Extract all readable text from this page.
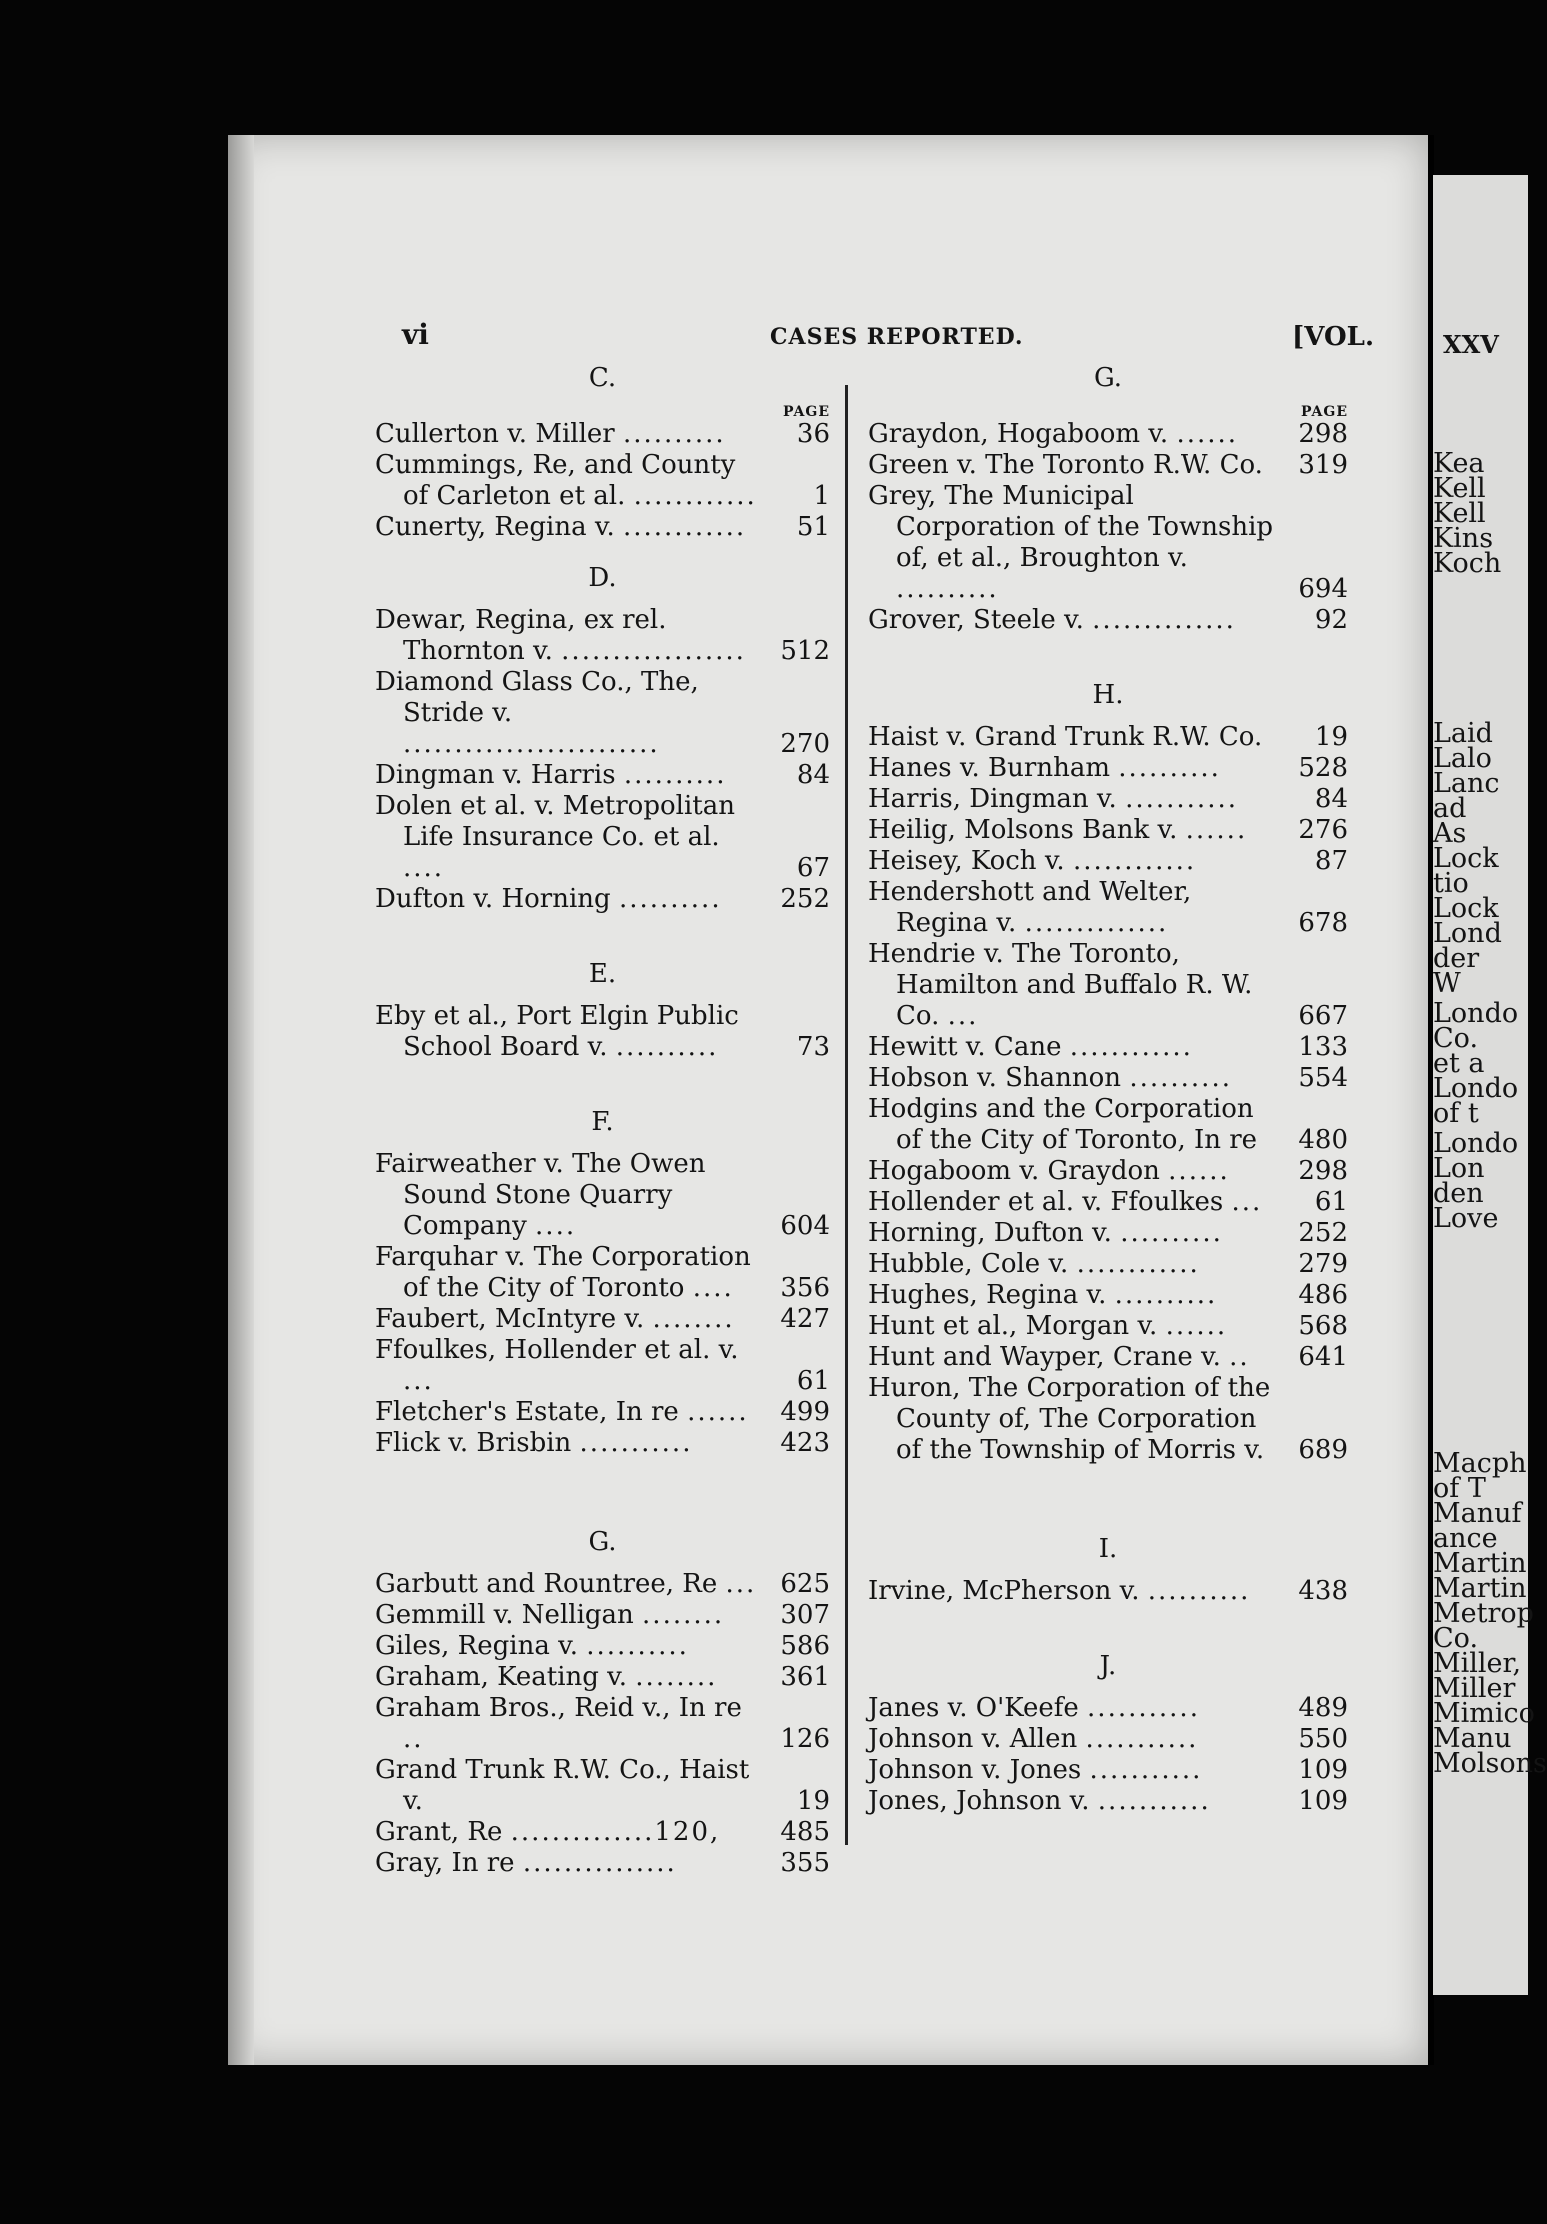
XXV
Kea
Kell
Kell
Kins
Koch
Laid
Lalo
Lanc
ad
As
Lock
tio
Lock
Lond
der
W
Londo
Co.
et a
Londo
of t
Londo
Lon
den
Love
Macph
of T
Manuf
ance
Martin
Martin
Metrop
Co.
Miller,
Miller
Mimico
Manu
Molsons
vi	CASES REPORTED.	[VOL.
C.
PAGE
Cullerton v. Miller ..........	36
Cummings, Re, and County of Carleton et al. ............	1
Cunerty, Regina v. ............	51
D.
Dewar, Regina, ex rel. Thornton v. ..................	512
Diamond Glass Co., The, Stride v. .........................	270
Dingman v. Harris ..........	84
Dolen et al. v. Metropolitan Life Insurance Co. et al. ....	67
Dufton v. Horning ..........	252
E.
Eby et al., Port Elgin Public School Board v. ..........	73
F.
Fairweather v. The Owen Sound Stone Quarry Company ....	604
Farquhar v. The Corporation of the City of Toronto ....	356
Faubert, McIntyre v. ........	427
Ffoulkes, Hollender et al. v. ...	61
Fletcher's Estate, In re ......	499
Flick v. Brisbin ...........	423
G.
Garbutt and Rountree, Re ... 625
Gemmill v. Nelligan ........	307
Giles, Regina v. ..........	586
Graham, Keating v. ........	361
Graham Bros., Reid v., In re ..	126
Grand Trunk R.W. Co., Haist v.	19
Grant, Re ..............120,	485
Gray, In re ...............	355
G.
PAGE
Graydon, Hogaboom v. ......	298
Green v. The Toronto R.W. Co.	319
Grey, The Municipal Corporation of the Township of, et al., Broughton v. ..........	694
Grover, Steele v. ..............	92
H.
Haist v. Grand Trunk R.W. Co.	19
Hanes v. Burnham ..........	528
Harris, Dingman v. ...........	84
Heilig, Molsons Bank v. ......	276
Heisey, Koch v. ............	87
Hendershott and Welter, Regina v. ..............	678
Hendrie v. The Toronto, Hamilton and Buffalo R. W. Co. ...	667
Hewitt v. Cane ............	133
Hobson v. Shannon ..........	554
Hodgins and the Corporation of the City of Toronto, In re	480
Hogaboom v. Graydon ......	298
Hollender et al. v. Ffoulkes ...	61
Horning, Dufton v. ..........	252
Hubble, Cole v. ............	279
Hughes, Regina v. ..........	486
Hunt et al., Morgan v. ......	568
Hunt and Wayper, Crane v. ..	641
Huron, The Corporation of the County of, The Corporation of the Township of Morris v.	689
I.
Irvine, McPherson v. ..........	438
J.
Janes v. O'Keefe ...........	489
Johnson v. Allen ...........	550
Johnson v. Jones ...........	109
Jones, Johnson v. ...........	109
